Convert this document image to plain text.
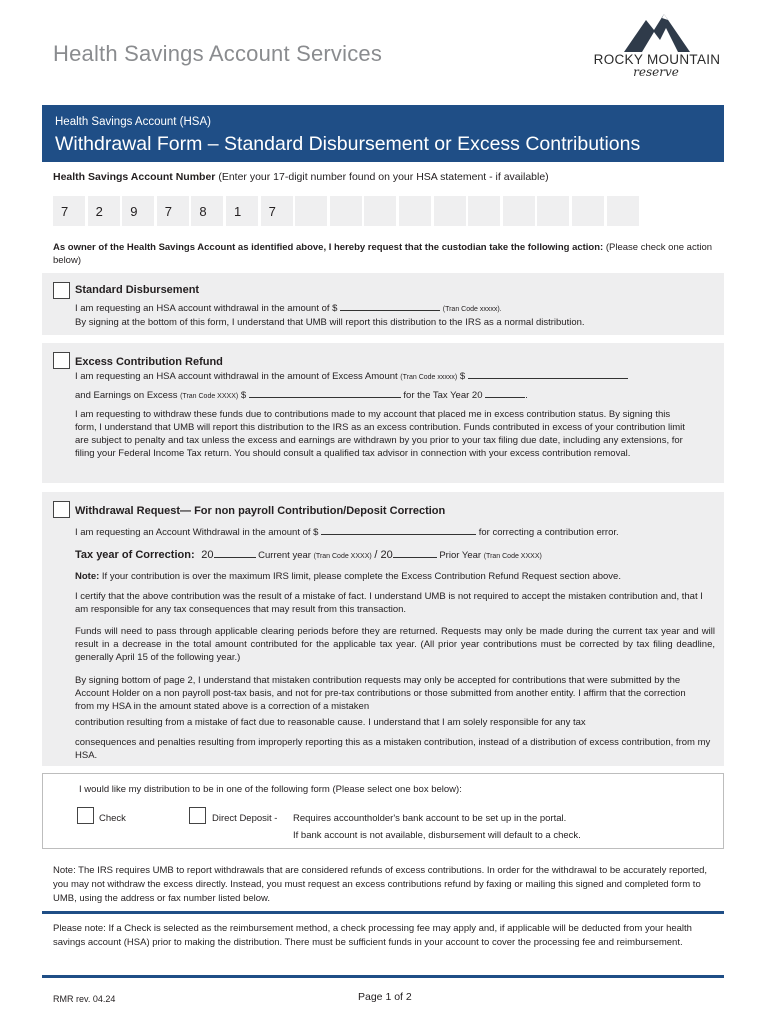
Health Savings Account Services	ROCKY MOUNTAIN
reserve
Health Savings Account (HSA)
Withdrawal Form – Standard Disbursement or Excess Contributions
Health Savings Account Number (Enter your 17-digit number found on your HSA statement - if available)
7	2	9	7	8	1	7
As owner of the Health Savings Account as identified above, I hereby request that the custodian take the following action: (Please check one action below)
Standard Disbursement
I am requesting an HSA account withdrawal in the amount of $	(Tran Code xxxxx).
By signing at the bottom of this form, I understand that UMB will report this distribution to the IRS as a normal distribution.
Excess Contribution Refund
I am requesting an HSA account withdrawal in the amount of Excess Amount (Tran Code xxxxx) $
and Earnings on Excess (Tran Code XXXX) $	for the Tax Year 20	.
I am requesting to withdraw these funds due to contributions made to my account that placed me in excess contribution status. By signing this form, I understand that UMB will report this distribution to the IRS as an excess contribution. Funds contributed in excess of your contribution limit are subject to penalty and tax unless the excess and earnings are withdrawn by you prior to your tax filing due date, including any extensions, for filing your Federal Income Tax return. You should consult a qualified tax advisor in connection with your excess contribution removal.
Withdrawal Request— For non payroll Contribution/Deposit Correction
I am requesting an Account Withdrawal in the amount of $	for correcting a contribution error.
Tax year of Correction: 20	Current year (Tran Code XXXX) / 20	Prior Year (Tran Code XXXX)
Note: If your contribution is over the maximum IRS limit, please complete the Excess Contribution Refund Request section above.
I certify that the above contribution was the result of a mistake of fact. I understand UMB is not required to accept the mistaken contribution and, that I am responsible for any tax consequences that may result from this transaction.
Funds will need to pass through applicable clearing periods before they are returned. Requests may only be made during the current tax year and will result in a decrease in the total amount contributed for the applicable tax year. (All prior year contributions must be corrected by tax filing deadline, generally April 15 of the following year.)
By signing bottom of page 2, I understand that mistaken contribution requests may only be accepted for contributions that were submitted by the Account Holder on a non payroll post-tax basis, and not for pre-tax contributions or those submitted from another entity. I affirm that the correction from my HSA in the amount stated above is a correction of a mistaken
contribution resulting from a mistake of fact due to reasonable cause. I understand that I am solely responsible for any tax
consequences and penalties resulting from improperly reporting this as a mistaken contribution, instead of a distribution of excess contribution, from my HSA.
I would like my distribution to be in one of the following form (Please select one box below):
Check	Direct Deposit - Requires accountholder's bank account to be set up in the portal.
If bank account is not available, disbursement will default to a check.
Note: The IRS requires UMB to report withdrawals that are considered refunds of excess contributions. In order for the withdrawal to be accurately reported, you may not withdraw the excess directly. Instead, you must request an excess contributions refund by faxing or mailing this signed and completed form to UMB, using the address or fax number listed below.
Please note: If a Check is selected as the reimbursement method, a check processing fee may apply and, if applicable will be deducted from your health savings account (HSA) prior to making the distribution. There must be sufficient funds in your account to cover the processing fee and reimbursement.
RMR rev. 04.24	Page 1 of 2
